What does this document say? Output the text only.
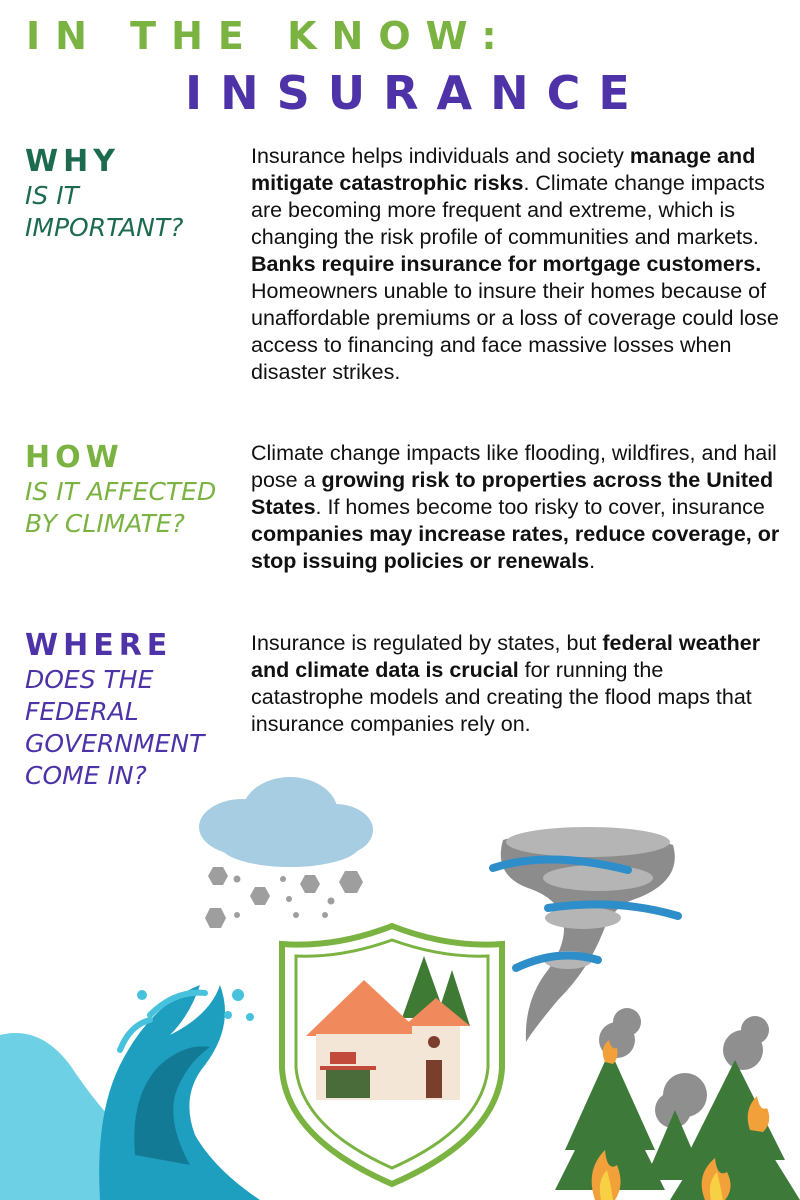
IN THE KNOW:
INSURANCE
WHY
IS IT
IMPORTANT?
Insurance helps individuals and society manage and mitigate catastrophic risks. Climate change impacts are becoming more frequent and extreme, which is changing the risk profile of communities and markets. Banks require insurance for mortgage customers. Homeowners unable to insure their homes because of unaffordable premiums or a loss of coverage could lose access to financing and face massive losses when disaster strikes.
HOW
IS IT AFFECTED
BY CLIMATE?
Climate change impacts like flooding, wildfires, and hail pose a growing risk to properties across the United States. If homes become too risky to cover, insurance companies may increase rates, reduce coverage, or stop issuing policies or renewals.
WHERE
DOES THE
FEDERAL
GOVERNMENT
COME IN?
Insurance is regulated by states, but federal weather and climate data is crucial for running the catastrophe models and creating the flood maps that insurance companies rely on.
